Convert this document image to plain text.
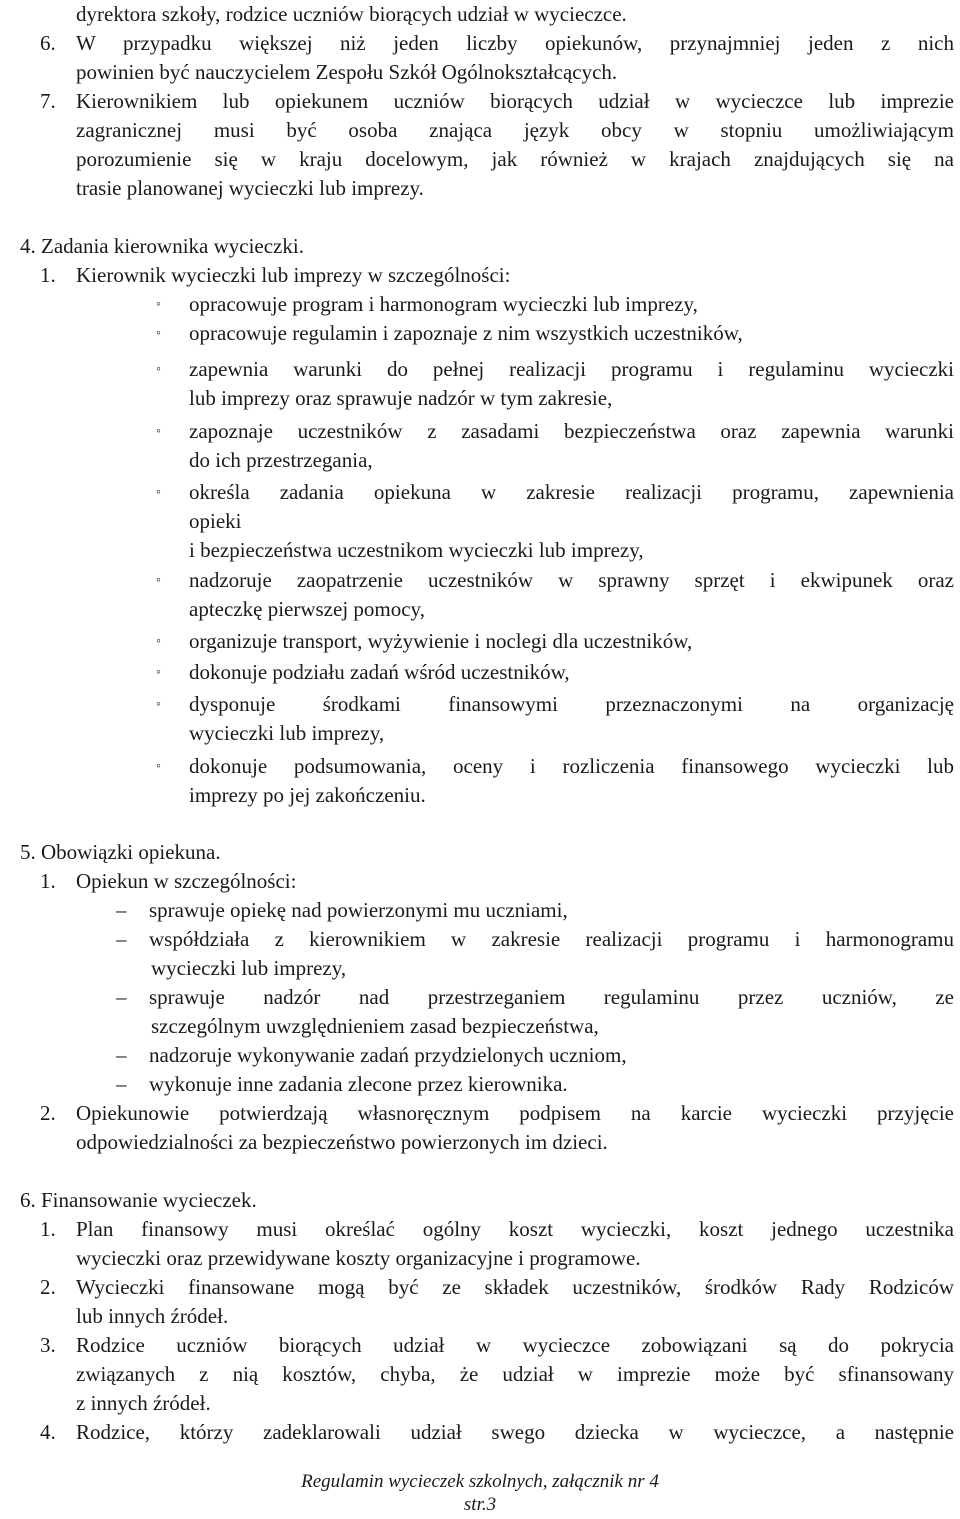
dyrektora szkoły, rodzice uczniów biorących udział w wycieczce.
6. W przypadku większej niż jeden liczby opiekunów, przynajmniej jeden z nich
powinien być nauczycielem Zespołu Szkół Ogólnokształcących.
7. Kierownikiem lub opiekunem uczniów biorących udział w wycieczce lub imprezie
zagranicznej musi być osoba znająca język obcy w stopniu umożliwiającym
porozumienie się w kraju docelowym, jak również w krajach znajdujących się na
trasie planowanej wycieczki lub imprezy.
4. Zadania kierownika wycieczki.
1. Kierownik wycieczki lub imprezy w szczególności:
◦ opracowuje program i harmonogram wycieczki lub imprezy,
◦ opracowuje regulamin i zapoznaje z nim wszystkich uczestników,
◦ zapewnia warunki do pełnej realizacji programu i regulaminu wycieczki
lub imprezy oraz sprawuje nadzór w tym zakresie,
◦ zapoznaje uczestników z zasadami bezpieczeństwa oraz zapewnia warunki
do ich przestrzegania,
◦ określa zadania opiekuna w zakresie realizacji programu, zapewnienia
opieki
i bezpieczeństwa uczestnikom wycieczki lub imprezy,
◦ nadzoruje zaopatrzenie uczestników w sprawny sprzęt i ekwipunek oraz
apteczkę pierwszej pomocy,
◦ organizuje transport, wyżywienie i noclegi dla uczestników,
◦ dokonuje podziału zadań wśród uczestników,
◦ dysponuje środkami finansowymi przeznaczonymi na organizację
wycieczki lub imprezy,
◦ dokonuje podsumowania, oceny i rozliczenia finansowego wycieczki lub
imprezy po jej zakończeniu.
5. Obowiązki opiekuna.
1. Opiekun w szczególności:
– sprawuje opiekę nad powierzonymi mu uczniami,
– współdziała z kierownikiem w zakresie realizacji programu i harmonogramu
wycieczki lub imprezy,
– sprawuje nadzór nad przestrzeganiem regulaminu przez uczniów, ze
szczególnym uwzględnieniem zasad bezpieczeństwa,
– nadzoruje wykonywanie zadań przydzielonych uczniom,
– wykonuje inne zadania zlecone przez kierownika.
2. Opiekunowie potwierdzają własnoręcznym podpisem na karcie wycieczki przyjęcie
odpowiedzialności za bezpieczeństwo powierzonych im dzieci.
6. Finansowanie wycieczek.
1. Plan finansowy musi określać ogólny koszt wycieczki, koszt jednego uczestnika
wycieczki oraz przewidywane koszty organizacyjne i programowe.
2. Wycieczki finansowane mogą być ze składek uczestników, środków Rady Rodziców
lub innych źródeł.
3. Rodzice uczniów biorących udział w wycieczce zobowiązani są do pokrycia
związanych z nią kosztów, chyba, że udział w imprezie może być sfinansowany
z innych źródeł.
4. Rodzice, którzy zadeklarowali udział swego dziecka w wycieczce, a następnie
Regulamin wycieczek szkolnych, załącznik nr 4
str.3
